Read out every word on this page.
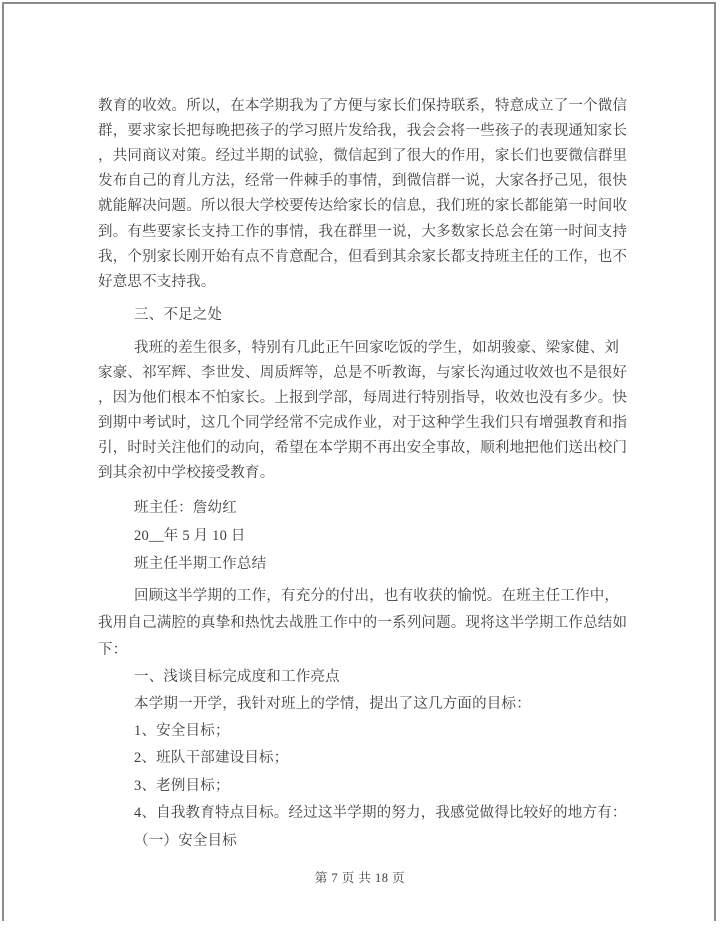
教育的收效。所以，在本学期我为了方便与家长们保持联系，特意成立了一个微信
群，要求家长把每晚把孩子的学习照片发给我，我会会将一些孩子的表现通知家长
，共同商议对策。经过半期的试验，微信起到了很大的作用，家长们也要微信群里
发布自己的育儿方法，经常一件棘手的事情，到微信群一说，大家各抒己见，很快
就能解决问题。所以很大学校要传达给家长的信息，我们班的家长都能第一时间收
到。有些要家长支持工作的事情，我在群里一说，大多数家长总会在第一时间支持
我，个别家长刚开始有点不肯意配合，但看到其余家长都支持班主任的工作，也不
好意思不支持我。
三、不足之处
我班的差生很多，特别有几此正午回家吃饭的学生，如胡骏豪、梁家健、刘
家豪、祁军辉、李世发、周质辉等，总是不听教诲，与家长沟通过收效也不是很好
，因为他们根本不怕家长。上报到学部，每周进行特别指导，收效也没有多少。快
到期中考试时，这几个同学经常不完成作业，对于这种学生我们只有增强教育和指
引，时时关注他们的动向，希望在本学期不再出安全事故，顺利地把他们送出校门
到其余初中学校接受教育。
班主任：詹幼红
20__年 5 月 10 日
班主任半期工作总结
回顾这半学期的工作，有充分的付出，也有收获的愉悦。在班主任工作中，
我用自己满腔的真挚和热忱去战胜工作中的一系列问题。现将这半学期工作总结如
下：
一、浅谈目标完成度和工作亮点
本学期一开学，我针对班上的学情，提出了这几方面的目标：
1、安全目标；
2、班队干部建设目标；
3、老例目标；
4、自我教育特点目标。经过这半学期的努力，我感觉做得比较好的地方有：
（一）安全目标
第 7 页 共 18 页
